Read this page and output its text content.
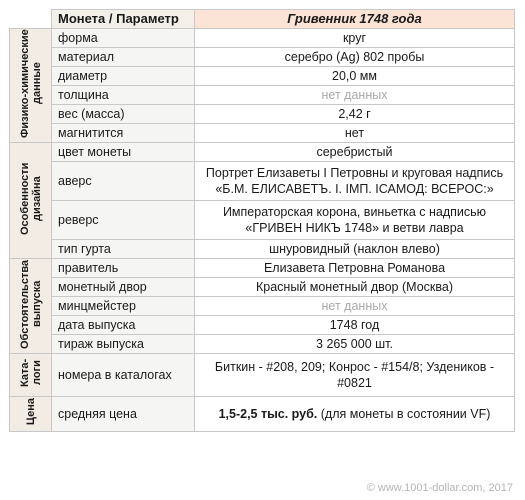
	Монета / Параметр	Гривенник 1748 года
Физико-химические данные	форма	круг
	материал	серебро (Ag) 802 пробы
	диаметр	20,0 мм
	толщина	нет данных
	вес (масса)	2,42 г
	магнитится	нет
Особенности дизайна	цвет монеты	серебристый
	аверс	Портрет Елизаветы I Петровны и круговая надпись
«Б.М. ЕЛИСАВЕТЪ. I. IМП. IСАМОД: ВСЕРОС:»

	реверс	Императорская корона, виньетка с надписью
«ГРИВЕН НИКЪ 1748» и ветви лавра

	тип гурта	шнуровидный (наклон влево)
Обстоятельства выпуска	правитель	Елизавета Петровна Романова
	монетный двор	Красный монетный двор (Москва)
	минцмейстер	нет данных
	дата выпуска	1748 год
	тираж выпуска	3 265 000 шт.
Ката-логи	номера в каталогах	Биткин - #208, 209; Конрос - #154/8; Уздеников -
#0821

Цена	средняя цена	1,5-2,5 тыс. руб. (для монеты в состоянии VF)
© www.1001-dollar.com, 2017
